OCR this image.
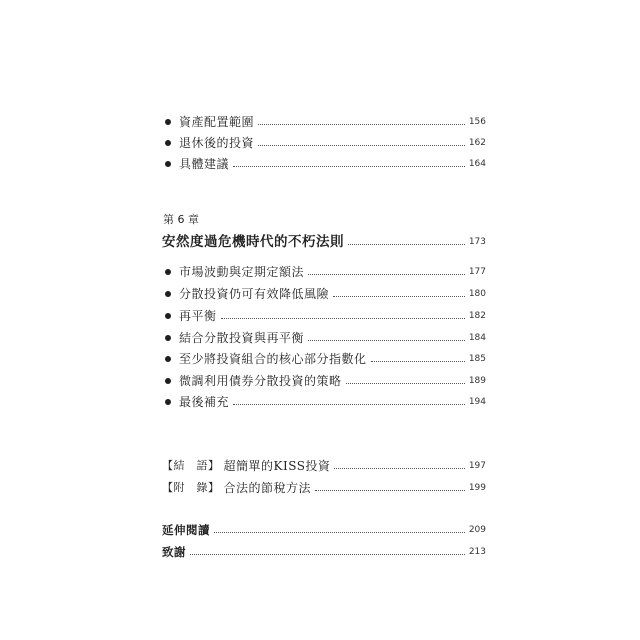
資產配置範圍	156
退休後的投資	162
具體建議	164
第 6 章
安然度過危機時代的不朽法則	173
市場波動與定期定額法	177
分散投資仍可有效降低風險	180
再平衡	182
結合分散投資與再平衡	184
至少將投資組合的核心部分指數化	185
微調利用債券分散投資的策略	189
最後補充	194
【結　語】 超簡單的KISS投資	197
【附　錄】 合法的節稅方法	199
延伸閱讀	209
致謝	213
